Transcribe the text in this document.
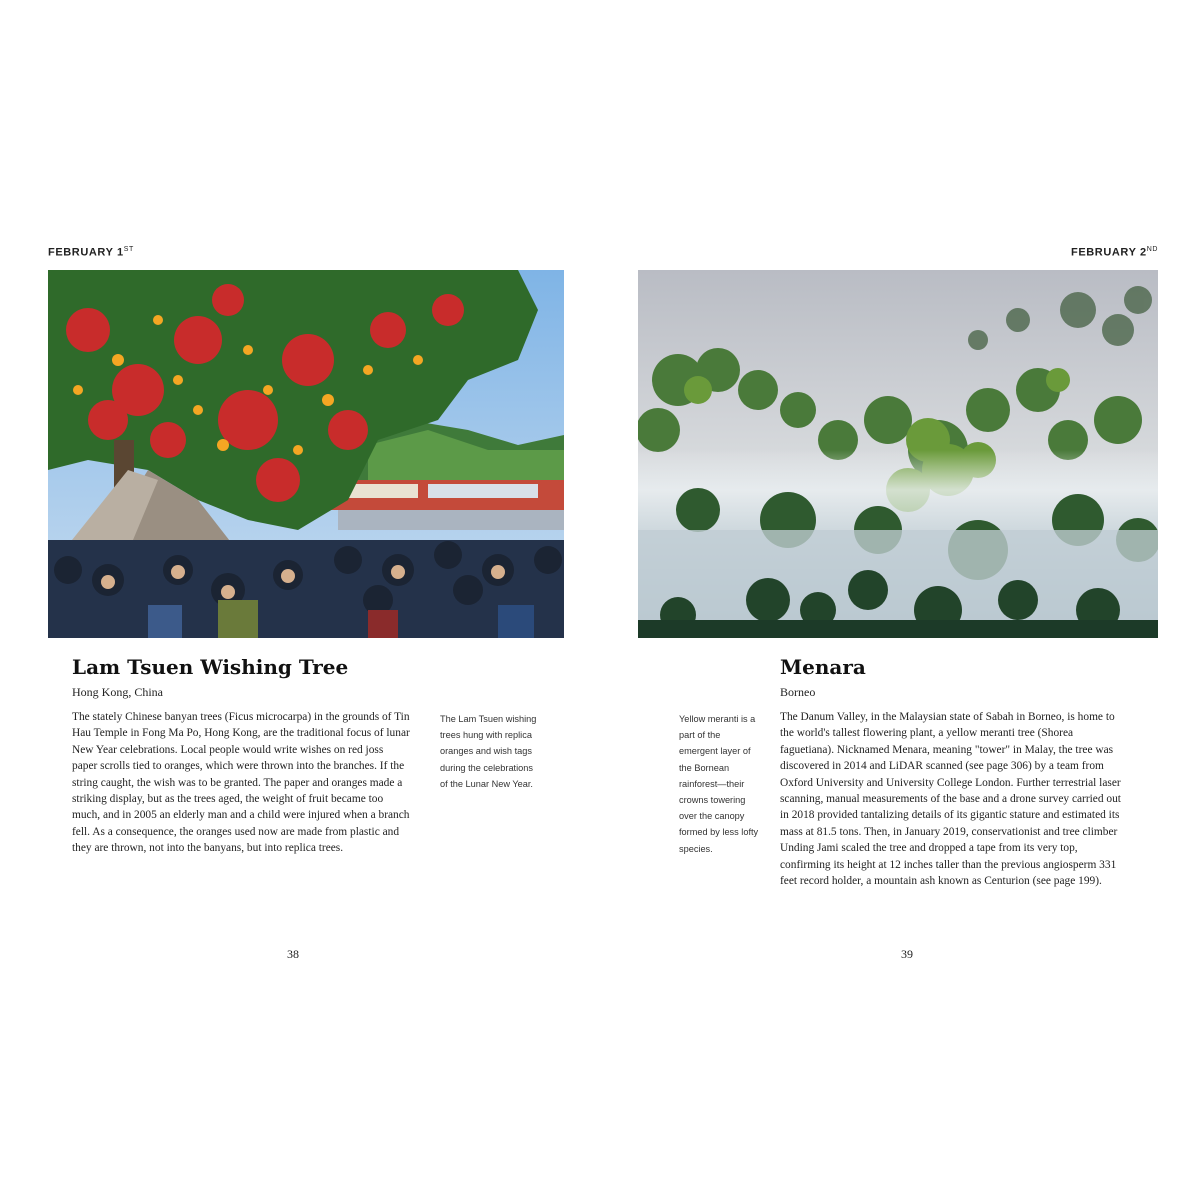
FEBRUARY 1ST
Lam Tsuen Wishing Tree
Hong Kong, China
The stately Chinese banyan trees (Ficus microcarpa) in the grounds of Tin Hau Temple in Fong Ma Po, Hong Kong, are the traditional focus of lunar New Year celebrations. Local people would write wishes on red joss paper scrolls tied to oranges, which were thrown into the branches. If the string caught, the wish was to be granted. The paper and oranges made a striking display, but as the trees aged, the weight of fruit became too much, and in 2005 an elderly man and a child were injured when a branch fell. As a consequence, the oranges used now are made from plastic and they are thrown, not into the banyans, but into replica trees.
The Lam Tsuen wishing trees hung with replica oranges and wish tags during the celebrations of the Lunar New Year.
38
FEBRUARY 2ND
Menara
Borneo
Yellow meranti is a part of the emergent layer of the Bornean rainforest—their crowns towering over the canopy formed by less lofty species.
The Danum Valley, in the Malaysian state of Sabah in Borneo, is home to the world's tallest flowering plant, a yellow meranti tree (Shorea faguetiana). Nicknamed Menara, meaning "tower" in Malay, the tree was discovered in 2014 and LiDAR scanned (see page 306) by a team from Oxford University and University College London. Further terrestrial laser scanning, manual measurements of the base and a drone survey carried out in 2018 provided tantalizing details of its gigantic stature and estimated its mass at 81.5 tons. Then, in January 2019, conservationist and tree climber Unding Jami scaled the tree and dropped a tape from its very top, confirming its height at 12 inches taller than the previous angiosperm 331 feet record holder, a mountain ash known as Centurion (see page 199).
39
